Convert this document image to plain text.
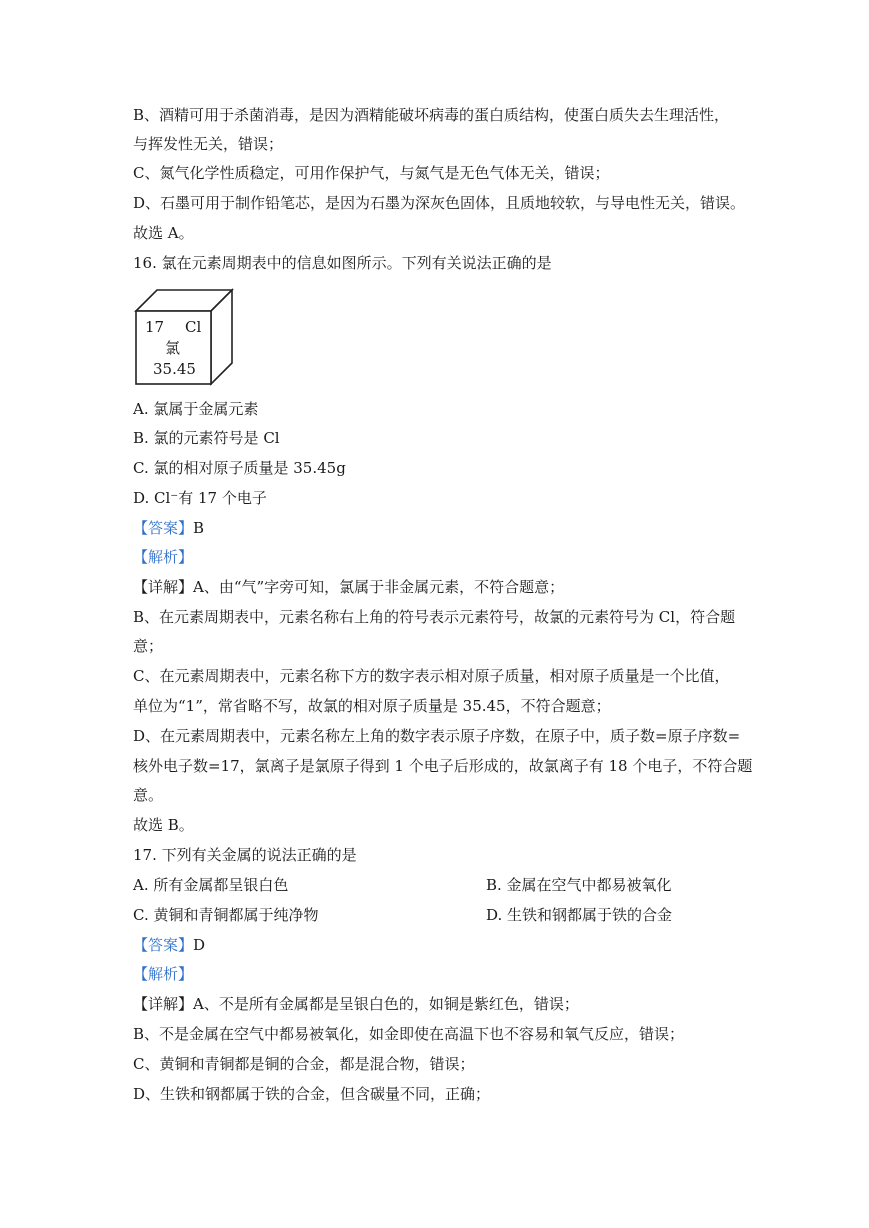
B、酒精可用于杀菌消毒，是因为酒精能破坏病毒的蛋白质结构，使蛋白质失去生理活性，
与挥发性无关，错误；
C、氮气化学性质稳定，可用作保护气，与氮气是无色气体无关，错误；
D、石墨可用于制作铅笔芯，是因为石墨为深灰色固体，且质地较软，与导电性无关，错误。
故选 A。
16. 氯在元素周期表中的信息如图所示。下列有关说法正确的是
17 Cl
氯
35.45
A. 氯属于金属元素
B. 氯的元素符号是 Cl
C. 氯的相对原子质量是 35.45g
D. Cl⁻有 17 个电子
【答案】B
【解析】
【详解】A、由“气”字旁可知，氯属于非金属元素，不符合题意；
B、在元素周期表中，元素名称右上角的符号表示元素符号，故氯的元素符号为 Cl，符合题
意；
C、在元素周期表中，元素名称下方的数字表示相对原子质量，相对原子质量是一个比值，
单位为“1”，常省略不写，故氯的相对原子质量是 35.45，不符合题意；
D、在元素周期表中，元素名称左上角的数字表示原子序数，在原子中，质子数=原子序数=
核外电子数=17，氯离子是氯原子得到 1 个电子后形成的，故氯离子有 18 个电子，不符合题
意。
故选 B。
17. 下列有关金属的说法正确的是
A. 所有金属都呈银白色	B. 金属在空气中都易被氧化
C. 黄铜和青铜都属于纯净物	D. 生铁和钢都属于铁的合金
【答案】D
【解析】
【详解】A、不是所有金属都是呈银白色的，如铜是紫红色，错误；
B、不是金属在空气中都易被氧化，如金即使在高温下也不容易和氧气反应，错误；
C、黄铜和青铜都是铜的合金，都是混合物，错误；
D、生铁和钢都属于铁的合金，但含碳量不同，正确；
